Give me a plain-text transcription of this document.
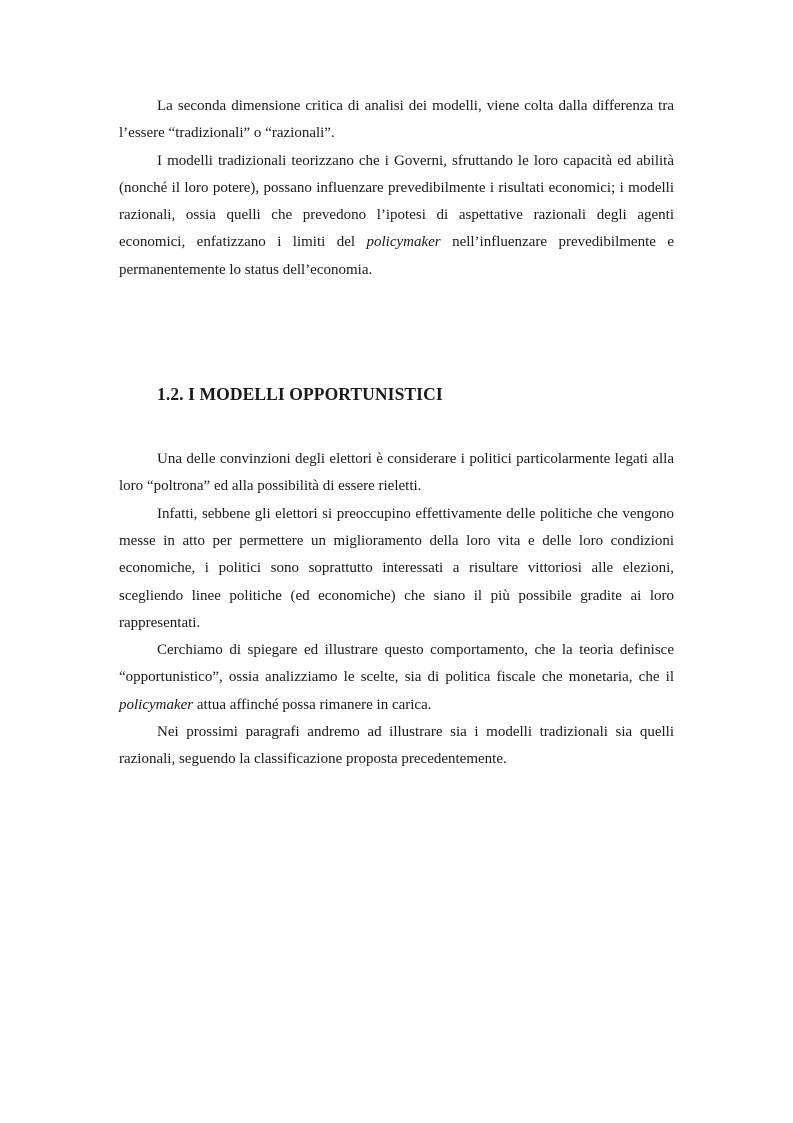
La seconda dimensione critica di analisi dei modelli, viene colta dalla differenza tra l’essere “tradizionali” o “razionali”.

I modelli tradizionali teorizzano che i Governi, sfruttando le loro capacità ed abilità (nonché il loro potere), possano influenzare prevedibilmente i risultati economici; i modelli razionali, ossia quelli che prevedono l’ipotesi di aspettative razionali degli agenti economici, enfatizzano i limiti del policymaker nell’influenzare prevedibilmente e permanentemente lo status dell’economia.

1.2. I MODELLI OPPORTUNISTICI

Una delle convinzioni degli elettori è considerare i politici particolarmente legati alla loro “poltrona” ed alla possibilità di essere rieletti.

Infatti, sebbene gli elettori si preoccupino effettivamente delle politiche che vengono messe in atto per permettere un miglioramento della loro vita e delle loro condizioni economiche, i politici sono soprattutto interessati a risultare vittoriosi alle elezioni, scegliendo linee politiche (ed economiche) che siano il più possibile gradite ai loro rappresentati.

Cerchiamo di spiegare ed illustrare questo comportamento, che la teoria definisce “opportunistico”, ossia analizziamo le scelte, sia di politica fiscale che monetaria, che il policymaker attua affinché possa rimanere in carica.

Nei prossimi paragrafi andremo ad illustrare sia i modelli tradizionali sia quelli razionali, seguendo la classificazione proposta precedentemente.
